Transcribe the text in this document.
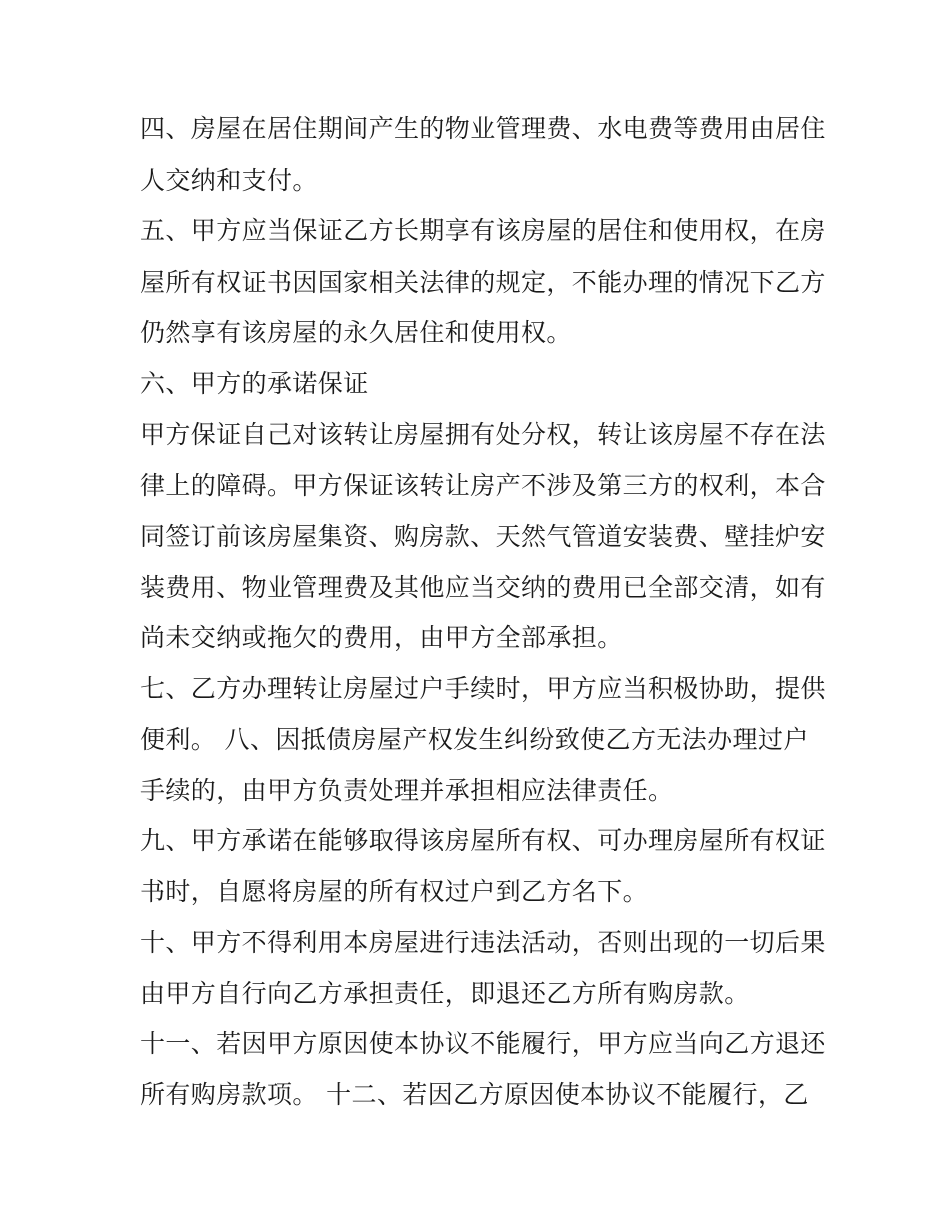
四、房屋在居住期间产生的物业管理费、水电费等费用由居住
人交纳和支付。
五、甲方应当保证乙方长期享有该房屋的居住和使用权，在房
屋所有权证书因国家相关法律的规定，不能办理的情况下乙方
仍然享有该房屋的永久居住和使用权。
六、甲方的承诺保证
甲方保证自己对该转让房屋拥有处分权，转让该房屋不存在法
律上的障碍。甲方保证该转让房产不涉及第三方的权利，本合
同签订前该房屋集资、购房款、天然气管道安装费、壁挂炉安
装费用、物业管理费及其他应当交纳的费用已全部交清，如有
尚未交纳或拖欠的费用，由甲方全部承担。
七、乙方办理转让房屋过户手续时，甲方应当积极协助，提供
便利。 八、因抵债房屋产权发生纠纷致使乙方无法办理过户
手续的，由甲方负责处理并承担相应法律责任。
九、甲方承诺在能够取得该房屋所有权、可办理房屋所有权证
书时，自愿将房屋的所有权过户到乙方名下。
十、甲方不得利用本房屋进行违法活动，否则出现的一切后果
由甲方自行向乙方承担责任，即退还乙方所有购房款。
十一、若因甲方原因使本协议不能履行，甲方应当向乙方退还
所有购房款项。 十二、若因乙方原因使本协议不能履行，乙
